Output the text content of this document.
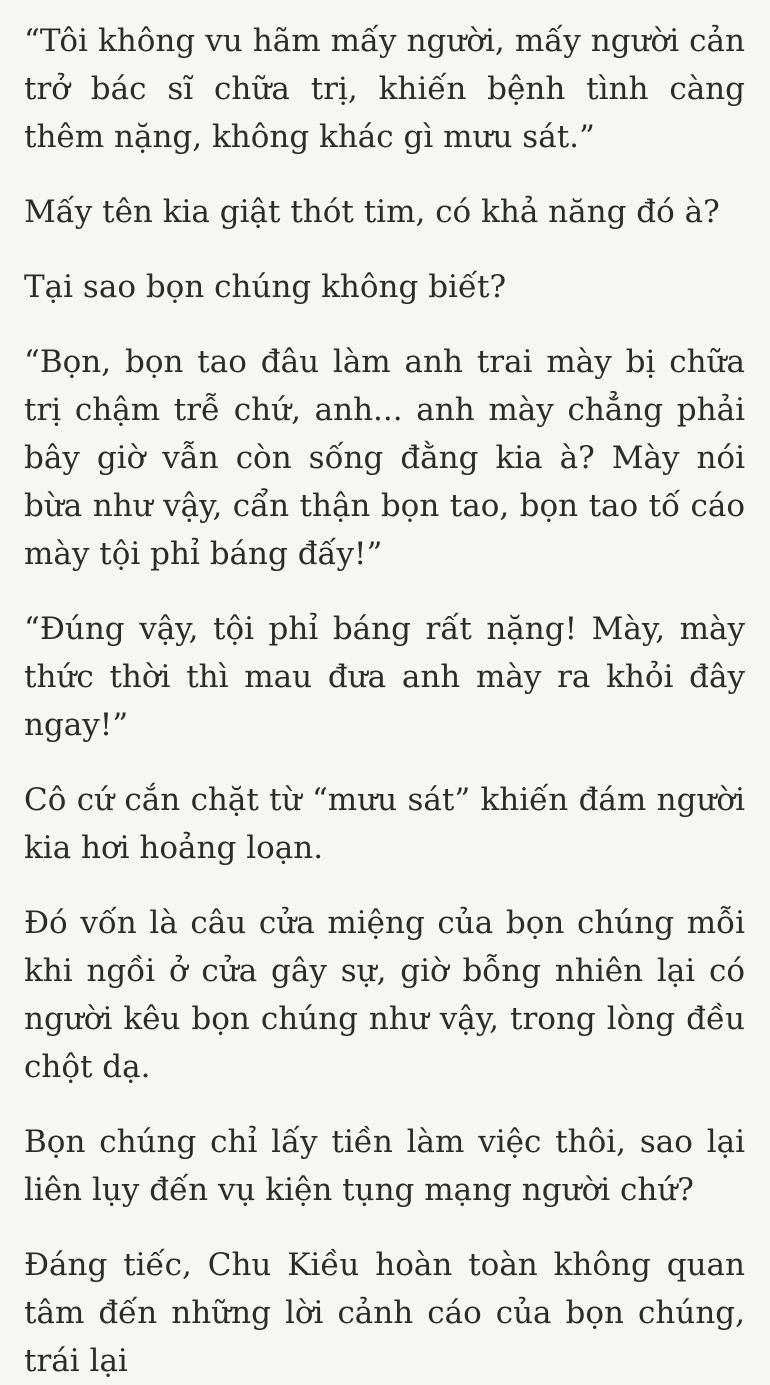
“Tôi không vu hãm mấy người, mấy người cản trở bác sĩ chữa trị, khiến bệnh tình càng thêm nặng, không khác gì mưu sát.”

Mấy tên kia giật thót tim, có khả năng đó à?

Tại sao bọn chúng không biết?

“Bọn, bọn tao đâu làm anh trai mày bị chữa trị chậm trễ chứ, anh... anh mày chẳng phải bây giờ vẫn còn sống đằng kia à? Mày nói bừa như vậy, cẩn thận bọn tao, bọn tao tố cáo mày tội phỉ báng đấy!”

“Đúng vậy, tội phỉ báng rất nặng! Mày, mày thức thời thì mau đưa anh mày ra khỏi đây ngay!”

Cô cứ cắn chặt từ “mưu sát” khiến đám người kia hơi hoảng loạn.

Đó vốn là câu cửa miệng của bọn chúng mỗi khi ngồi ở cửa gây sự, giờ bỗng nhiên lại có người kêu bọn chúng như vậy, trong lòng đều chột dạ.

Bọn chúng chỉ lấy tiền làm việc thôi, sao lại liên lụy đến vụ kiện tụng mạng người chứ?

Đáng tiếc, Chu Kiều hoàn toàn không quan tâm đến những lời cảnh cáo của bọn chúng, trái lại
